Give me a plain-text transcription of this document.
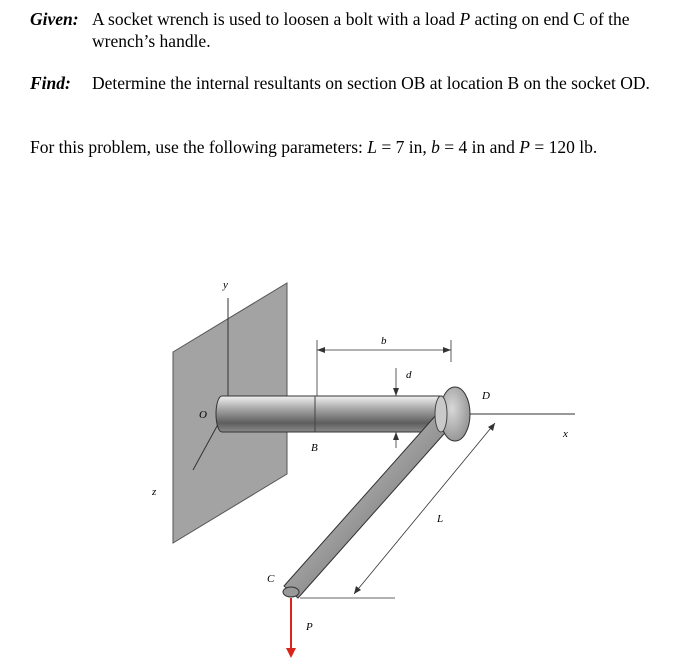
Given: A socket wrench is used to loosen a bolt with a load P acting on end C of the wrench’s handle.
Find:	Determine the internal resultants on section OB at location B on the socket OD.
For this problem, use the following parameters: L = 7 in, b = 4 in and P = 120 lb.
y
z
x
b
d
L
O
B
D
C
P
